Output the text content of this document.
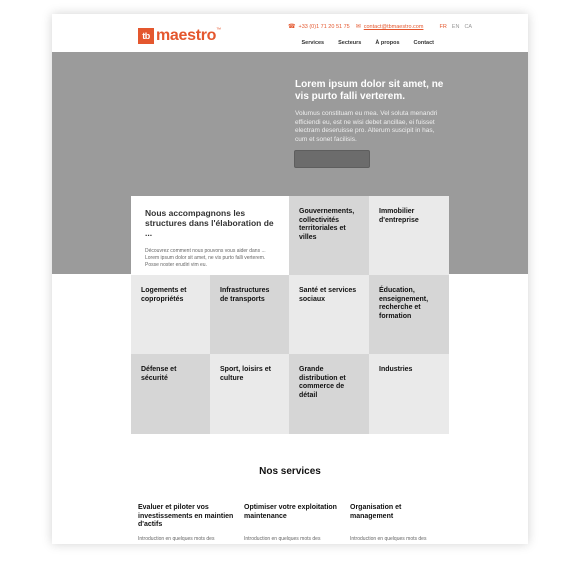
tb maestro™	☎ +33 (0)1 71 20 51 75 ✉ contact@tbmaestro.com	FR EN CA
Services	Secteurs	À propos	Contact

Lorem ipsum dolor sit amet, ne vis purto falli verterem.

Volumus constituam eu mea. Vel soluta menandri efficiendi eu, est ne wisi debet ancillae, ei fuisset electram deseruisse pro. Alterum suscipit in has, cum et sonet facilisis.

Nous accompagnons les structures dans l'élaboration de ...

Découvrez comment nous pouvons vous aider dans ... Lorem ipsum dolor sit amet, ne vis purto falli verterem. Posse noster erudiri vim eu.

Gouvernements, collectivités territoriales et villes
Immobilier d'entreprise
Logements et copropriétés
Infrastructures de transports
Santé et services sociaux
Éducation, enseignement, recherche et formation
Défense et sécurité
Sport, loisirs et culture
Grande distribution et commerce de détail
Industries
Nos services
Evaluer et piloter vos investissements en maintien d'actifs
Introduction en quelques mots des
Optimiser votre exploitation maintenance
Introduction en quelques mots des
Organisation et management
Introduction en quelques mots des
